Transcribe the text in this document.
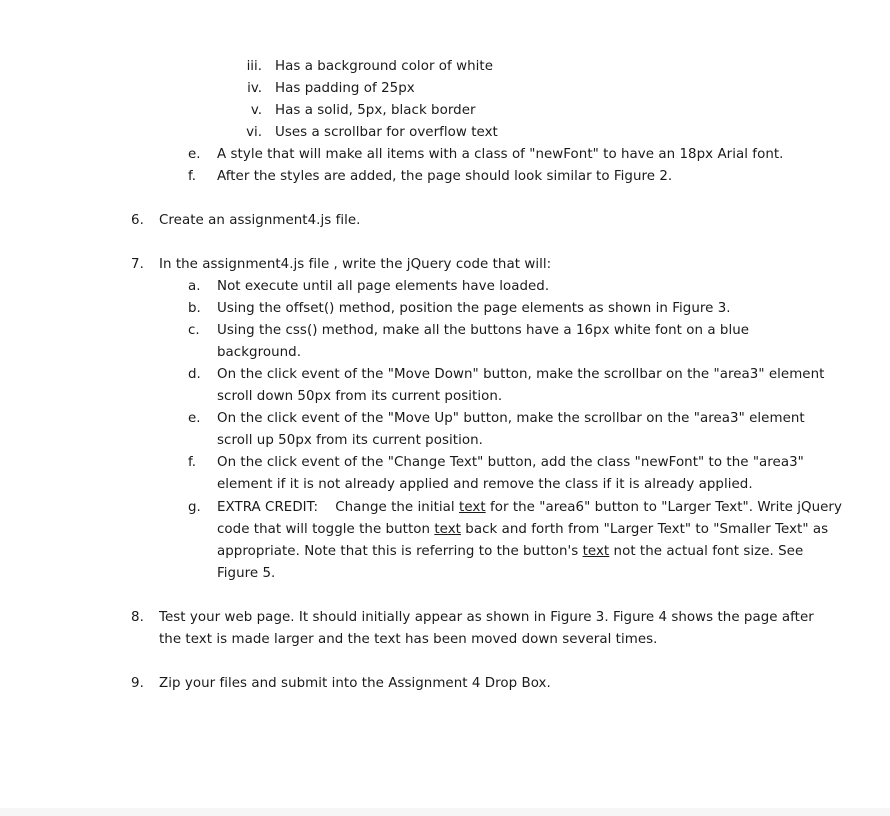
iii. Has a background color of white
iv. Has padding of 25px
v. Has a solid, 5px, black border
vi. Uses a scrollbar for overflow text
e. A style that will make all items with a class of "newFont" to have an 18px Arial font.
f. After the styles are added, the page should look similar to Figure 2.
6. Create an assignment4.js file.
7. In the assignment4.js file , write the jQuery code that will:
a. Not execute until all page elements have loaded.
b. Using the offset() method, position the page elements as shown in Figure 3.
c. Using the css() method, make all the buttons have a 16px white font on a blue
background.
d. On the click event of the "Move Down" button, make the scrollbar on the "area3" element
scroll down 50px from its current position.
e. On the click event of the "Move Up" button, make the scrollbar on the "area3" element
scroll up 50px from its current position.
f. On the click event of the "Change Text" button, add the class "newFont" to the "area3"
element if it is not already applied and remove the class if it is already applied.
g. EXTRA CREDIT:    Change the initial text for the "area6" button to "Larger Text". Write jQuery
code that will toggle the button text back and forth from "Larger Text" to "Smaller Text" as
appropriate. Note that this is referring to the button's text not the actual font size. See
Figure 5.
8. Test your web page. It should initially appear as shown in Figure 3. Figure 4 shows the page after
the text is made larger and the text has been moved down several times.
9. Zip your files and submit into the Assignment 4 Drop Box.
